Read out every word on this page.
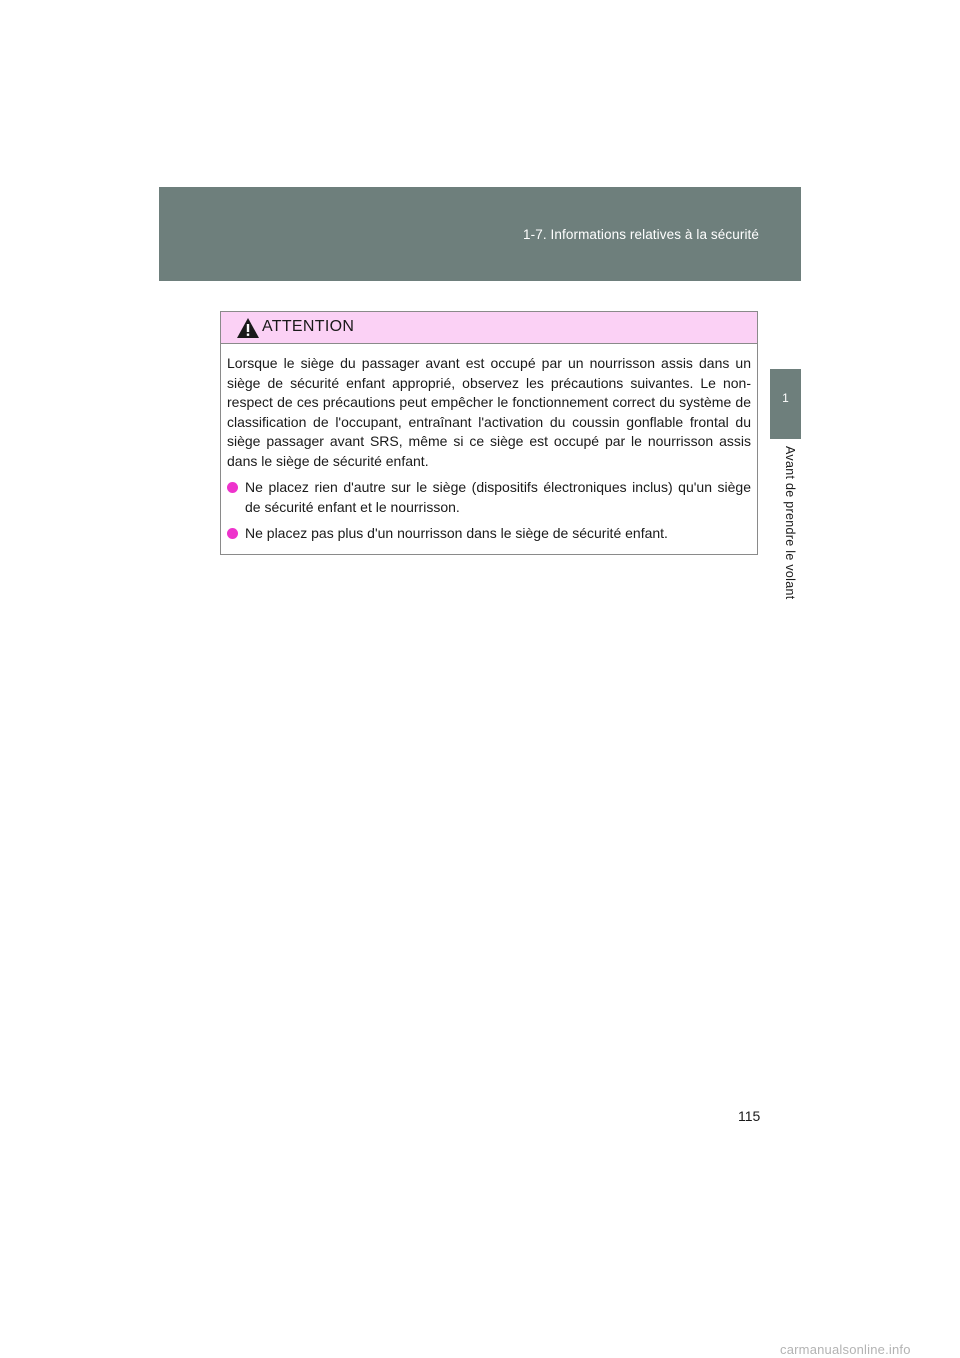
1-7. Informations relatives à la sécurité
1
Avant de prendre le volant
ATTENTION

Lorsque le siège du passager avant est occupé par un nourrisson assis dans un siège de sécurité enfant approprié, observez les précautions suivantes. Le non-respect de ces précautions peut empêcher le fonctionnement correct du système de classification de l'occupant, entraînant l'activation du coussin gonflable frontal du siège passager avant SRS, même si ce siège est occupé par le nourrisson assis dans le siège de sécurité enfant.

Ne placez rien d'autre sur le siège (dispositifs électroniques inclus) qu'un siège de sécurité enfant et le nourrisson.
Ne placez pas plus d'un nourrisson dans le siège de sécurité enfant.
115
carmanualsonline.info
